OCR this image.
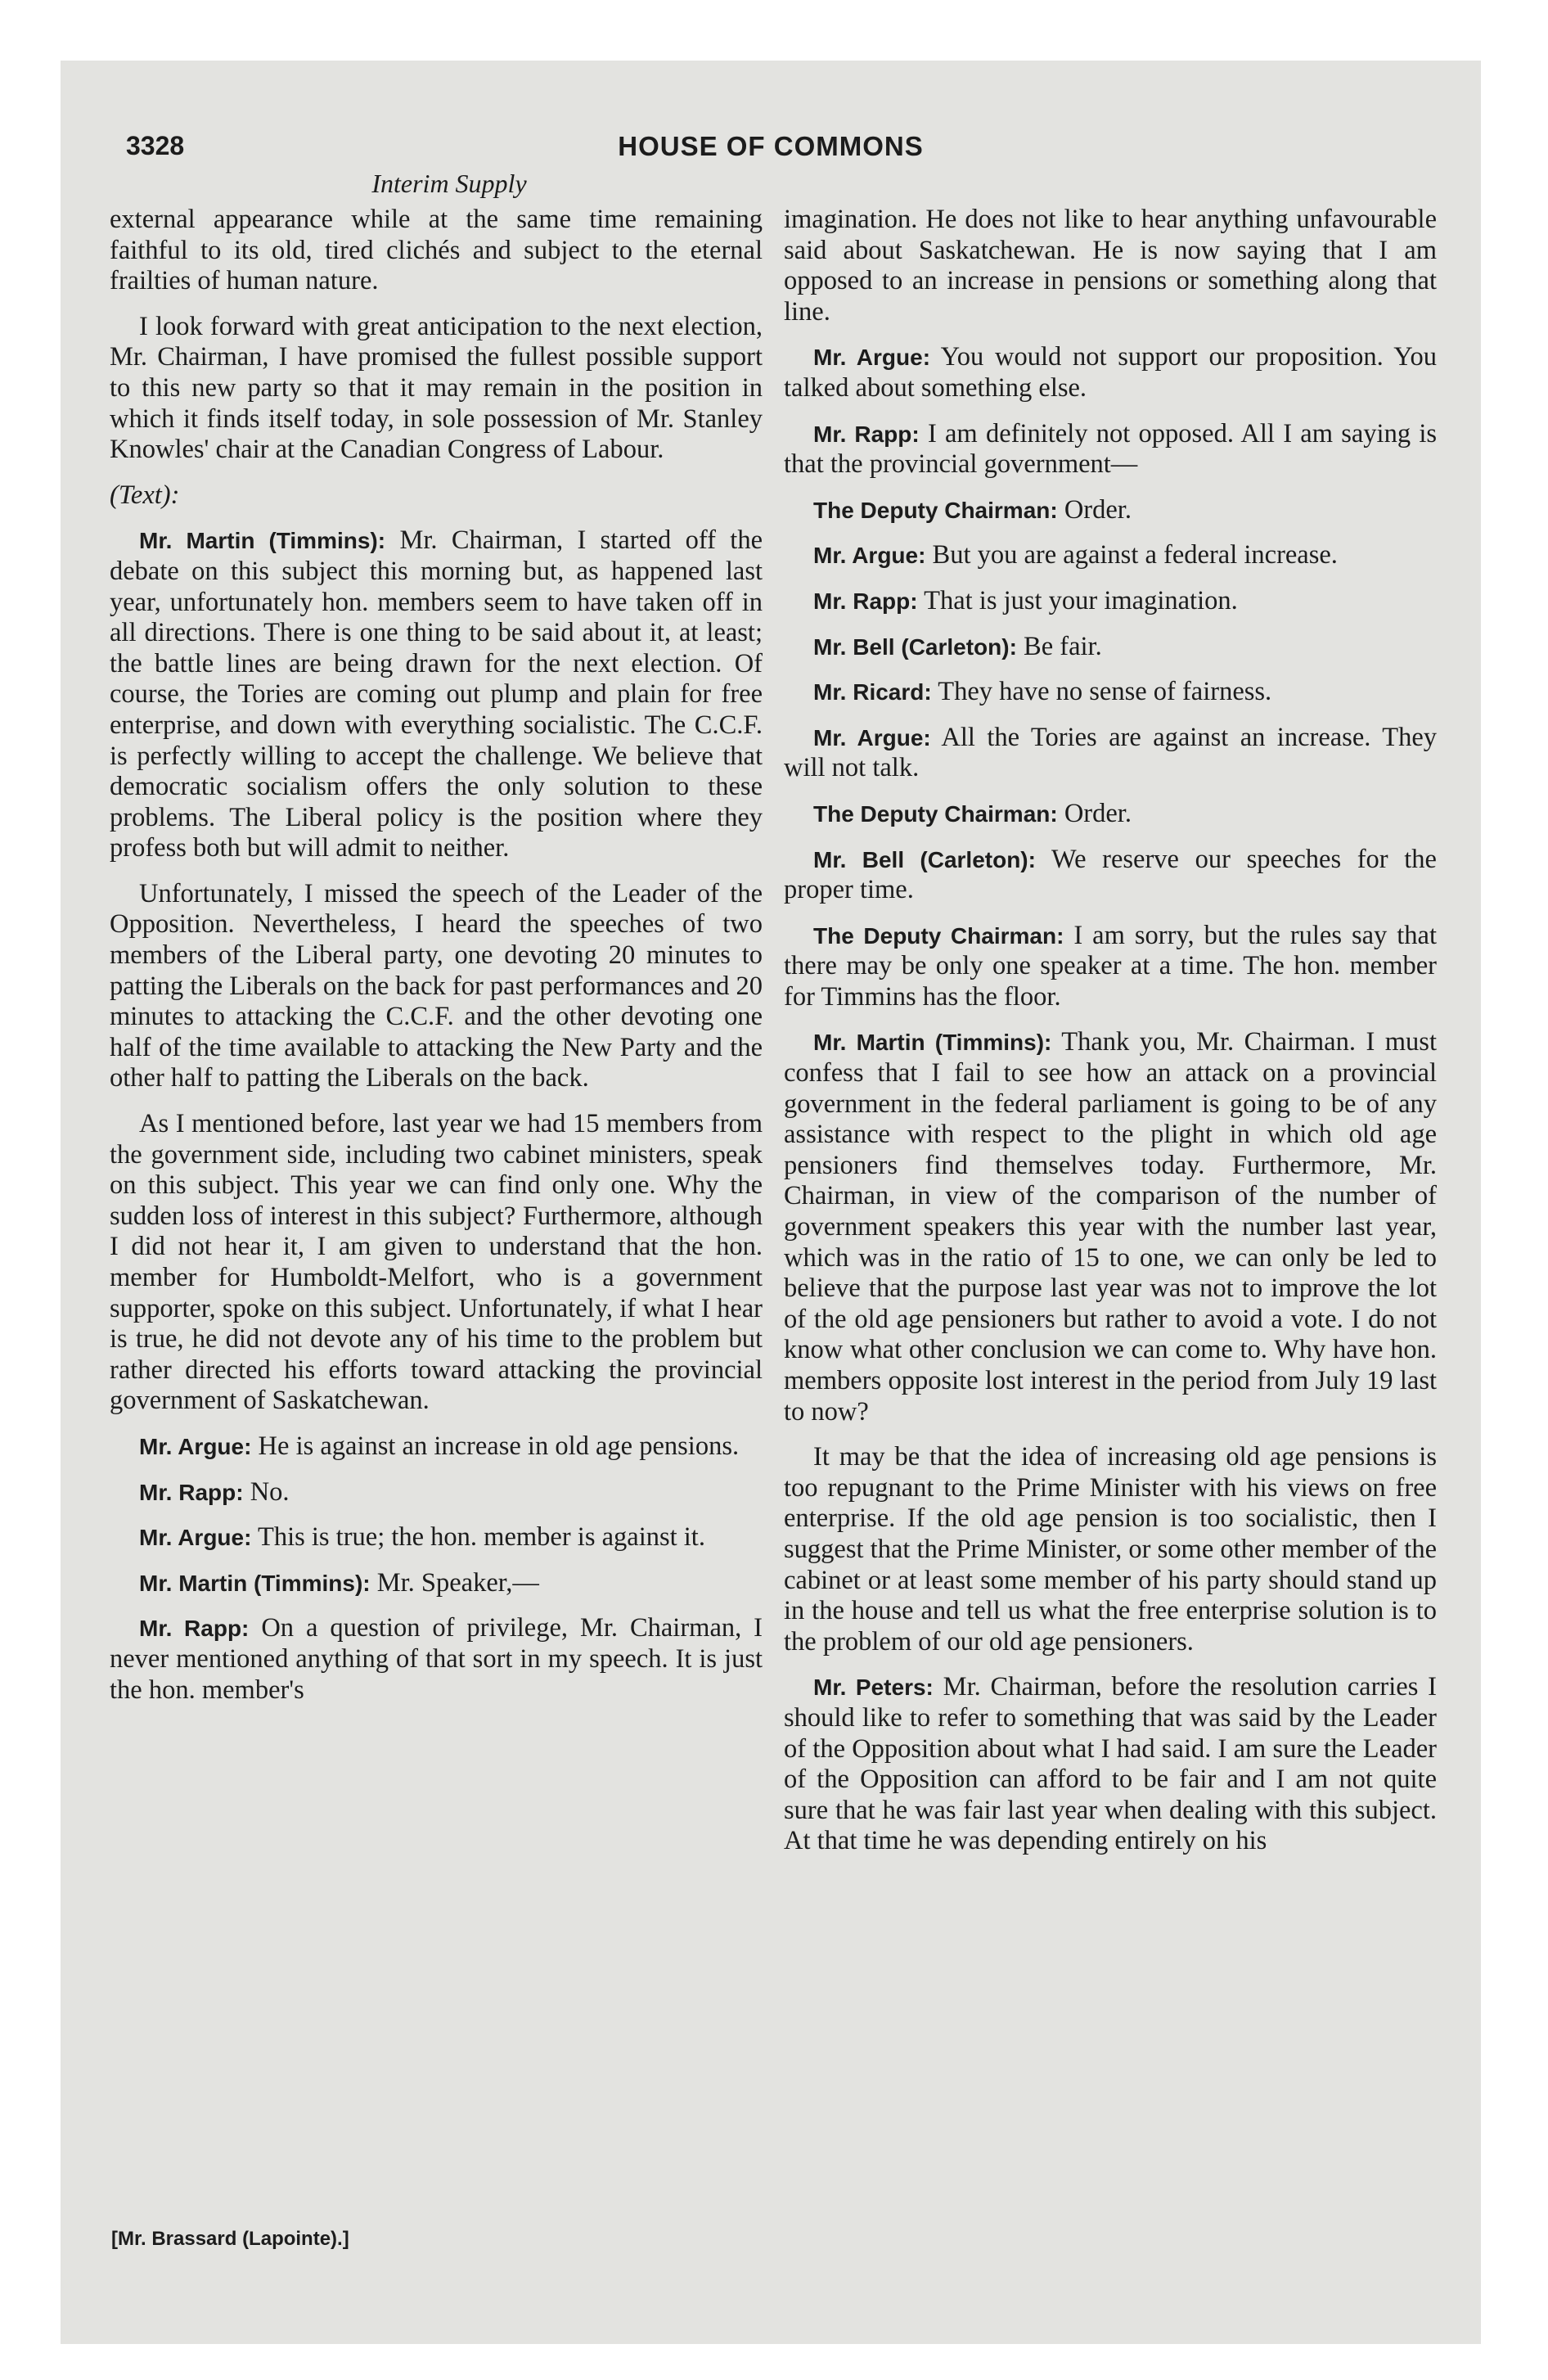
3328	HOUSE OF COMMONS
Interim Supply

external appearance while at the same time remaining faithful to its old, tired clichés and subject to the eternal frailties of human nature.

I look forward with great anticipation to the next election, Mr. Chairman, I have promised the fullest possible support to this new party so that it may remain in the position in which it finds itself today, in sole possession of Mr. Stanley Knowles' chair at the Canadian Congress of Labour.

(Text):

Mr. Martin (Timmins): Mr. Chairman, I started off the debate on this subject this morning but, as happened last year, unfortunately hon. members seem to have taken off in all directions. There is one thing to be said about it, at least; the battle lines are being drawn for the next election. Of course, the Tories are coming out plump and plain for free enterprise, and down with everything socialistic. The C.C.F. is perfectly willing to accept the challenge. We believe that democratic socialism offers the only solution to these problems. The Liberal policy is the position where they profess both but will admit to neither.

Unfortunately, I missed the speech of the Leader of the Opposition. Nevertheless, I heard the speeches of two members of the Liberal party, one devoting 20 minutes to patting the Liberals on the back for past performances and 20 minutes to attacking the C.C.F. and the other devoting one half of the time available to attacking the New Party and the other half to patting the Liberals on the back.

As I mentioned before, last year we had 15 members from the government side, including two cabinet ministers, speak on this subject. This year we can find only one. Why the sudden loss of interest in this subject? Furthermore, although I did not hear it, I am given to understand that the hon. member for Humboldt-Melfort, who is a government supporter, spoke on this subject. Unfortunately, if what I hear is true, he did not devote any of his time to the problem but rather directed his efforts toward attacking the provincial government of Saskatchewan.

Mr. Argue: He is against an increase in old age pensions.

Mr. Rapp: No.

Mr. Argue: This is true; the hon. member is against it.

Mr. Martin (Timmins): Mr. Speaker,—

Mr. Rapp: On a question of privilege, Mr. Chairman, I never mentioned anything of that sort in my speech. It is just the hon. member's

imagination. He does not like to hear anything unfavourable said about Saskatchewan. He is now saying that I am opposed to an increase in pensions or something along that line.

Mr. Argue: You would not support our proposition. You talked about something else.

Mr. Rapp: I am definitely not opposed. All I am saying is that the provincial government—

The Deputy Chairman: Order.

Mr. Argue: But you are against a federal increase.

Mr. Rapp: That is just your imagination.

Mr. Bell (Carleton): Be fair.

Mr. Ricard: They have no sense of fairness.

Mr. Argue: All the Tories are against an increase. They will not talk.

The Deputy Chairman: Order.

Mr. Bell (Carleton): We reserve our speeches for the proper time.

The Deputy Chairman: I am sorry, but the rules say that there may be only one speaker at a time. The hon. member for Timmins has the floor.

Mr. Martin (Timmins): Thank you, Mr. Chairman. I must confess that I fail to see how an attack on a provincial government in the federal parliament is going to be of any assistance with respect to the plight in which old age pensioners find themselves today. Furthermore, Mr. Chairman, in view of the comparison of the number of government speakers this year with the number last year, which was in the ratio of 15 to one, we can only be led to believe that the purpose last year was not to improve the lot of the old age pensioners but rather to avoid a vote. I do not know what other conclusion we can come to. Why have hon. members opposite lost interest in the period from July 19 last to now?

It may be that the idea of increasing old age pensions is too repugnant to the Prime Minister with his views on free enterprise. If the old age pension is too socialistic, then I suggest that the Prime Minister, or some other member of the cabinet or at least some member of his party should stand up in the house and tell us what the free enterprise solution is to the problem of our old age pensioners.

Mr. Peters: Mr. Chairman, before the resolution carries I should like to refer to something that was said by the Leader of the Opposition about what I had said. I am sure the Leader of the Opposition can afford to be fair and I am not quite sure that he was fair last year when dealing with this subject. At that time he was depending entirely on his

[Mr. Brassard (Lapointe).]
